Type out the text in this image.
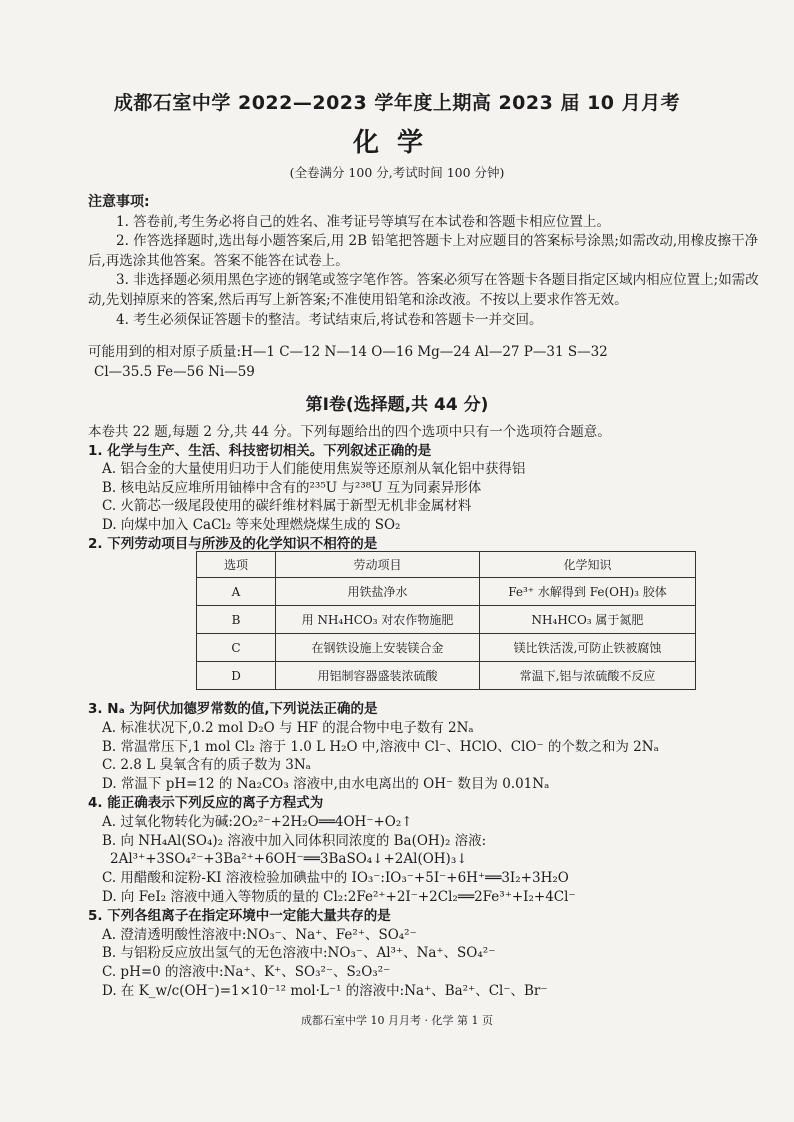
成都石室中学 2022—2023 学年度上期高 2023 届 10 月月考
化学
(全卷满分 100 分,考试时间 100 分钟)
注意事项:

1. 答卷前,考生务必将自己的姓名、准考证号等填写在本试卷和答题卡相应位置上。

2. 作答选择题时,选出每小题答案后,用 2B 铅笔把答题卡上对应题目的答案标号涂黑;如需改动,用橡皮擦干净后,再选涂其他答案。答案不能答在试卷上。

3. 非选择题必须用黑色字迹的钢笔或签字笔作答。答案必须写在答题卡各题目指定区域内相应位置上;如需改动,先划掉原来的答案,然后再写上新答案;不准使用铅笔和涂改液。不按以上要求作答无效。

4. 考生必须保证答题卡的整洁。考试结束后,将试卷和答题卡一并交回。

可能用到的相对原子质量:H—1 C—12 N—14 O—16 Mg—24 Al—27 P—31 S—32
Cl—35.5 Fe—56 Ni—59
第Ⅰ卷(选择题,共 44 分)
本卷共 22 题,每题 2 分,共 44 分。下列每题给出的四个选项中只有一个选项符合题意。
1. 化学与生产、生活、科技密切相关。下列叙述正确的是
A. 铝合金的大量使用归功于人们能使用焦炭等还原剂从氧化铝中获得铝
B. 核电站反应堆所用铀棒中含有的²³⁵U 与²³⁸U 互为同素异形体
C. 火箭芯一级尾段使用的碳纤维材料属于新型无机非金属材料
D. 向煤中加入 CaCl₂ 等来处理燃烧煤生成的 SO₂
2. 下列劳动项目与所涉及的化学知识不相符的是
选项	劳动项目	化学知识
A	用铁盐净水	Fe³⁺ 水解得到 Fe(OH)₃ 胶体
B	用 NH₄HCO₃ 对农作物施肥	NH₄HCO₃ 属于氮肥
C	在钢铁设施上安装镁合金	镁比铁活泼,可防止铁被腐蚀
D	用铝制容器盛装浓硫酸	常温下,铝与浓硫酸不反应
3. Nₐ 为阿伏加德罗常数的值,下列说法正确的是
A. 标准状况下,0.2 mol D₂O 与 HF 的混合物中电子数有 2Nₐ
B. 常温常压下,1 mol Cl₂ 溶于 1.0 L H₂O 中,溶液中 Cl⁻、HClO、ClO⁻ 的个数之和为 2Nₐ
C. 2.8 L 臭氧含有的质子数为 3Nₐ
D. 常温下 pH=12 的 Na₂CO₃ 溶液中,由水电离出的 OH⁻ 数目为 0.01Nₐ
4. 能正确表示下列反应的离子方程式为
A. 过氧化物转化为碱:2O₂²⁻+2H₂O══4OH⁻+O₂↑
B. 向 NH₄Al(SO₄)₂ 溶液中加入同体积同浓度的 Ba(OH)₂ 溶液:
2Al³⁺+3SO₄²⁻+3Ba²⁺+6OH⁻══3BaSO₄↓+2Al(OH)₃↓
C. 用醋酸和淀粉-KI 溶液检验加碘盐中的 IO₃⁻:IO₃⁻+5I⁻+6H⁺══3I₂+3H₂O
D. 向 FeI₂ 溶液中通入等物质的量的 Cl₂:2Fe²⁺+2I⁻+2Cl₂══2Fe³⁺+I₂+4Cl⁻
5. 下列各组离子在指定环境中一定能大量共存的是
A. 澄清透明酸性溶液中:NO₃⁻、Na⁺、Fe²⁺、SO₄²⁻
B. 与铝粉反应放出氢气的无色溶液中:NO₃⁻、Al³⁺、Na⁺、SO₄²⁻
C. pH=0 的溶液中:Na⁺、K⁺、SO₃²⁻、S₂O₃²⁻
D. 在 K_w/c(OH⁻)=1×10⁻¹² mol·L⁻¹ 的溶液中:Na⁺、Ba²⁺、Cl⁻、Br⁻
成都石室中学 10 月月考 · 化学 第 1 页
